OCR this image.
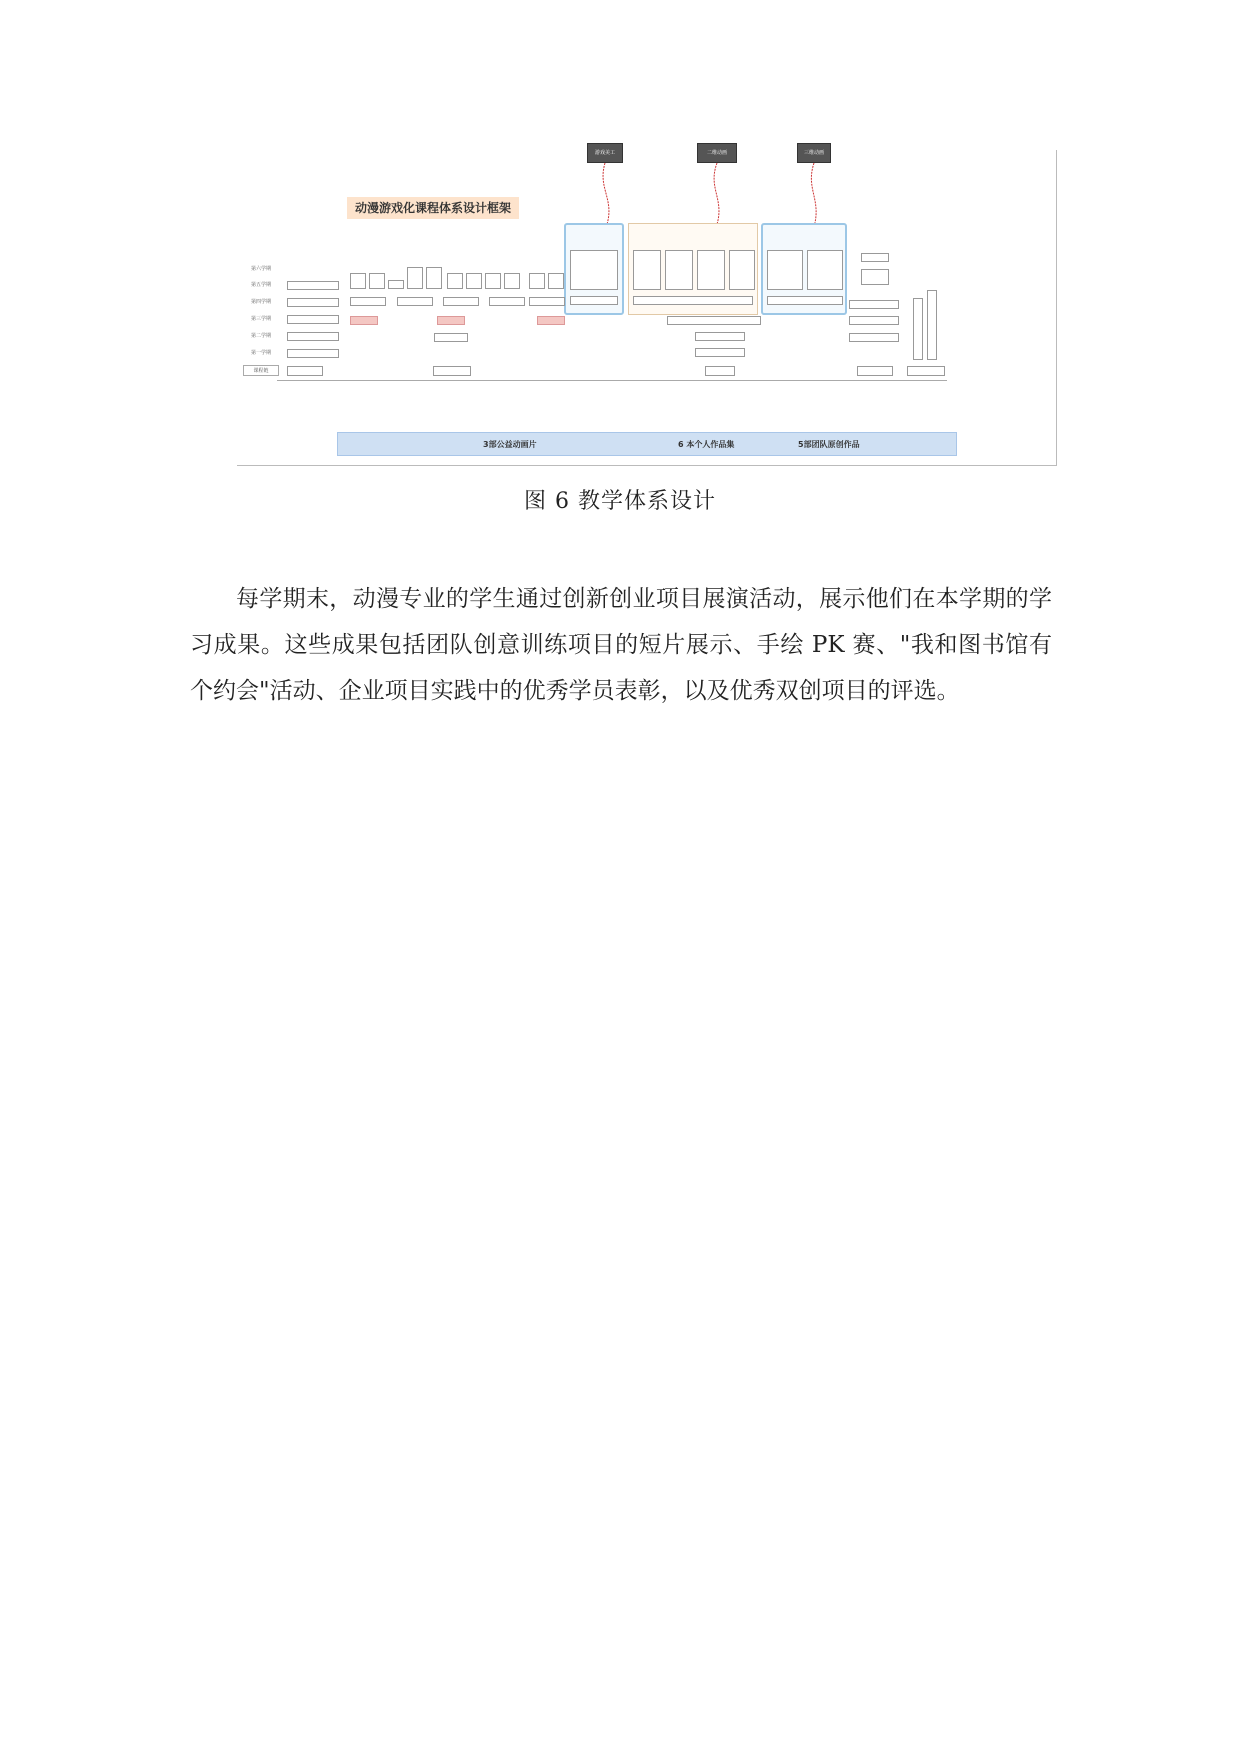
动漫游戏化课程体系设计框架
游戏美工	二维动画	三维动画
第六学期
第五学期
第四学期
第三学期
第二学期
第一学期
课程链
3部公益动画片	6 本个人作品集	5部团队原创作品
图 6 教学体系设计
每学期末，动漫专业的学生通过创新创业项目展演活动，展示他们在本学期的学习成果。这些成果包括团队创意训练项目的短片展示、手绘 PK 赛、"我和图书馆有个约会"活动、企业项目实践中的优秀学员表彰，以及优秀双创项目的评选。
